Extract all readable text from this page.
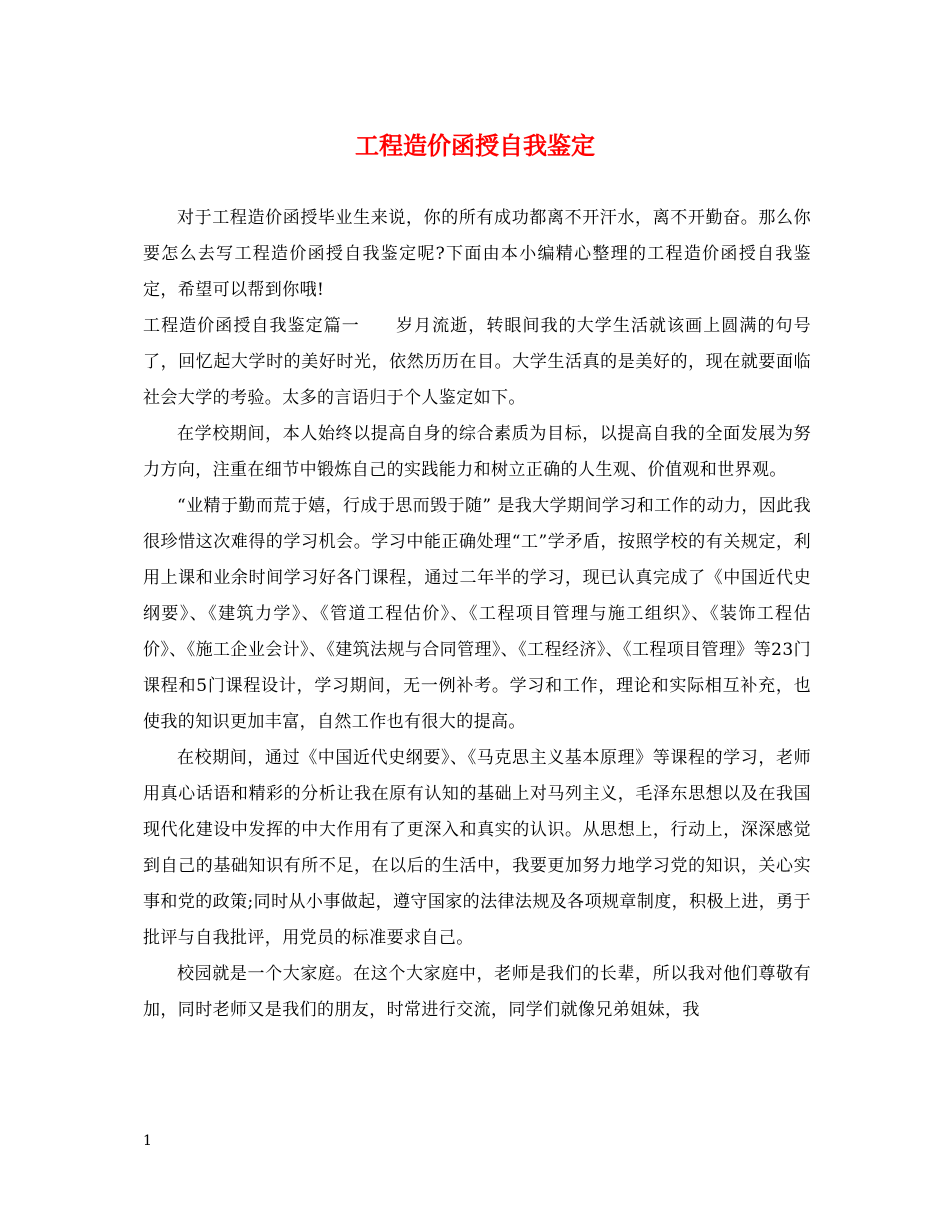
工程造价函授自我鉴定

对于工程造价函授毕业生来说，你的所有成功都离不开汗水，离不开勤奋。那么你要怎么去写工程造价函授自我鉴定呢?下面由本小编精心整理的工程造价函授自我鉴定，希望可以帮到你哦!

工程造价函授自我鉴定篇一　　岁月流逝，转眼间我的大学生活就该画上圆满的句号了，回忆起大学时的美好时光，依然历历在目。大学生活真的是美好的，现在就要面临社会大学的考验。太多的言语归于个人鉴定如下。

在学校期间，本人始终以提高自身的综合素质为目标，以提高自我的全面发展为努力方向，注重在细节中锻炼自己的实践能力和树立正确的人生观、价值观和世界观。

“业精于勤而荒于嬉，行成于思而毁于随” 是我大学期间学习和工作的动力，因此我很珍惜这次难得的学习机会。学习中能正确处理“工”学矛盾，按照学校的有关规定，利用上课和业余时间学习好各门课程，通过二年半的学习，现已认真完成了《中国近代史纲要》、《建筑力学》、《管道工程估价》、《工程项目管理与施工组织》、《装饰工程估价》、《施工企业会计》、《建筑法规与合同管理》、《工程经济》、《工程项目管理》等23门课程和5门课程设计，学习期间，无一例补考。学习和工作，理论和实际相互补充，也使我的知识更加丰富，自然工作也有很大的提高。

在校期间，通过《中国近代史纲要》、《马克思主义基本原理》等课程的学习，老师用真心话语和精彩的分析让我在原有认知的基础上对马列主义，毛泽东思想以及在我国现代化建设中发挥的中大作用有了更深入和真实的认识。从思想上，行动上，深深感觉到自己的基础知识有所不足，在以后的生活中，我要更加努力地学习党的知识，关心实事和党的政策;同时从小事做起，遵守国家的法律法规及各项规章制度，积极上进，勇于批评与自我批评，用党员的标准要求自己。

校园就是一个大家庭。在这个大家庭中，老师是我们的长辈，所以我对他们尊敬有加，同时老师又是我们的朋友，时常进行交流，同学们就像兄弟姐妹，我

1
